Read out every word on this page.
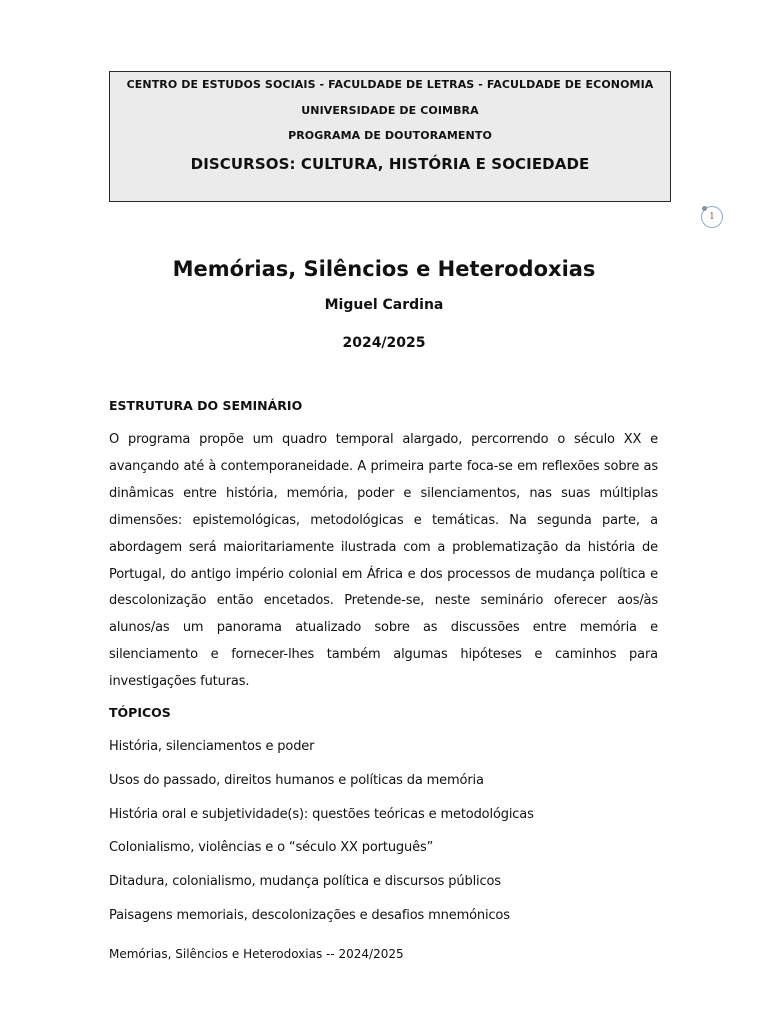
CENTRO DE ESTUDOS SOCIAIS - FACULDADE DE LETRAS - FACULDADE DE ECONOMIA
UNIVERSIDADE DE COIMBRA
PROGRAMA DE DOUTORAMENTO
DISCURSOS: CULTURA, HISTÓRIA E SOCIEDADE
1
Memórias, Silêncios e Heterodoxias
Miguel Cardina
2024/2025
ESTRUTURA DO SEMINÁRIO
O programa propõe um quadro temporal alargado, percorrendo o século XX e avançando até à contemporaneidade. A primeira parte foca-se em reflexões sobre as dinâmicas entre história, memória, poder e silenciamentos, nas suas múltiplas dimensões: epistemológicas, metodológicas e temáticas. Na segunda parte, a abordagem será maioritariamente ilustrada com a problematização da história de Portugal, do antigo império colonial em África e dos processos de mudança política e descolonização então encetados. Pretende-se, neste seminário oferecer aos/às alunos/as um panorama atualizado sobre as discussões entre memória e silenciamento e fornecer-lhes também algumas hipóteses e caminhos para investigações futuras.
TÓPICOS
História, silenciamentos e poder
Usos do passado, direitos humanos e políticas da memória
História oral e subjetividade(s): questões teóricas e metodológicas
Colonialismo, violências e o “século XX português”
Ditadura, colonialismo, mudança política e discursos públicos
Paisagens memoriais, descolonizações e desafios mnemónicos
Memórias, Silêncios e Heterodoxias -- 2024/2025
